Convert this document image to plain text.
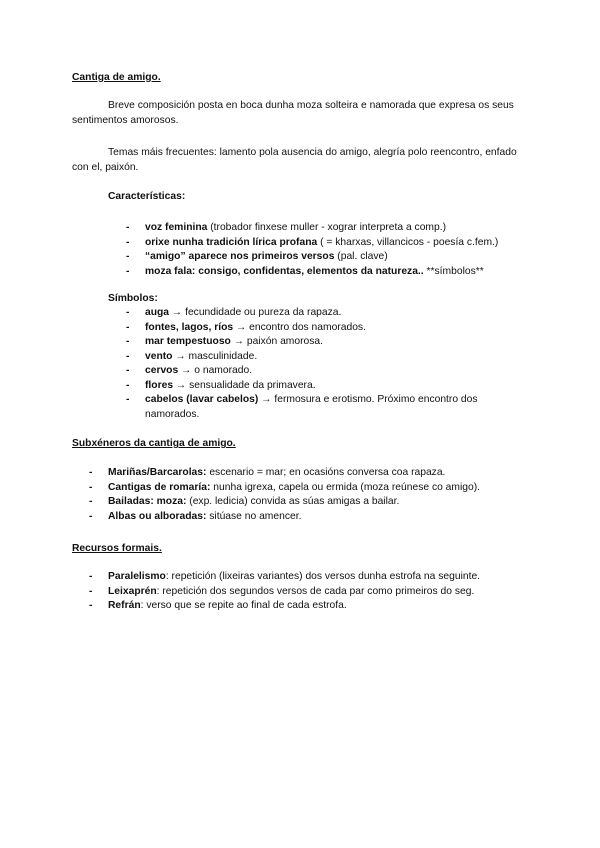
Cantiga de amigo.

Breve composición posta en boca dunha moza solteira e namorada que expresa os seus sentimentos amorosos.

Temas máis frecuentes: lamento pola ausencia do amigo, alegría polo reencontro, enfado con el, paixón.

Características:
- voz feminina (trobador finxese muller - xograr interpreta a comp.)
- orixe nunha tradición lírica profana ( = kharxas, villancicos - poesía c.fem.)
- “amigo” aparece nos primeiros versos (pal. clave)
- moza fala: consigo, confidentas, elementos da natureza.. **símbolos**
Símbolos:
- auga → fecundidade ou pureza da rapaza.
- fontes, lagos, ríos → encontro dos namorados.
- mar tempestuoso → paixón amorosa.
- vento → masculinidade.
- cervos → o namorado.
- flores → sensualidade da primavera.
- cabelos (lavar cabelos) → fermosura e erotismo. Próximo encontro dos namorados.
Subxéneros da cantiga de amigo.
- Mariñas/Barcarolas: escenario = mar; en ocasións conversa coa rapaza.
- Cantigas de romaría: nunha igrexa, capela ou ermida (moza reúnese co amigo).
- Bailadas: moza: (exp. ledicia) convida as súas amigas a bailar.
- Albas ou alboradas: sitúase no amencer.
Recursos formais.
- Paralelismo: repetición (lixeiras variantes) dos versos dunha estrofa na seguinte.
- Leixaprén: repetición dos segundos versos de cada par como primeiros do seg.
- Refrán: verso que se repite ao final de cada estrofa.
